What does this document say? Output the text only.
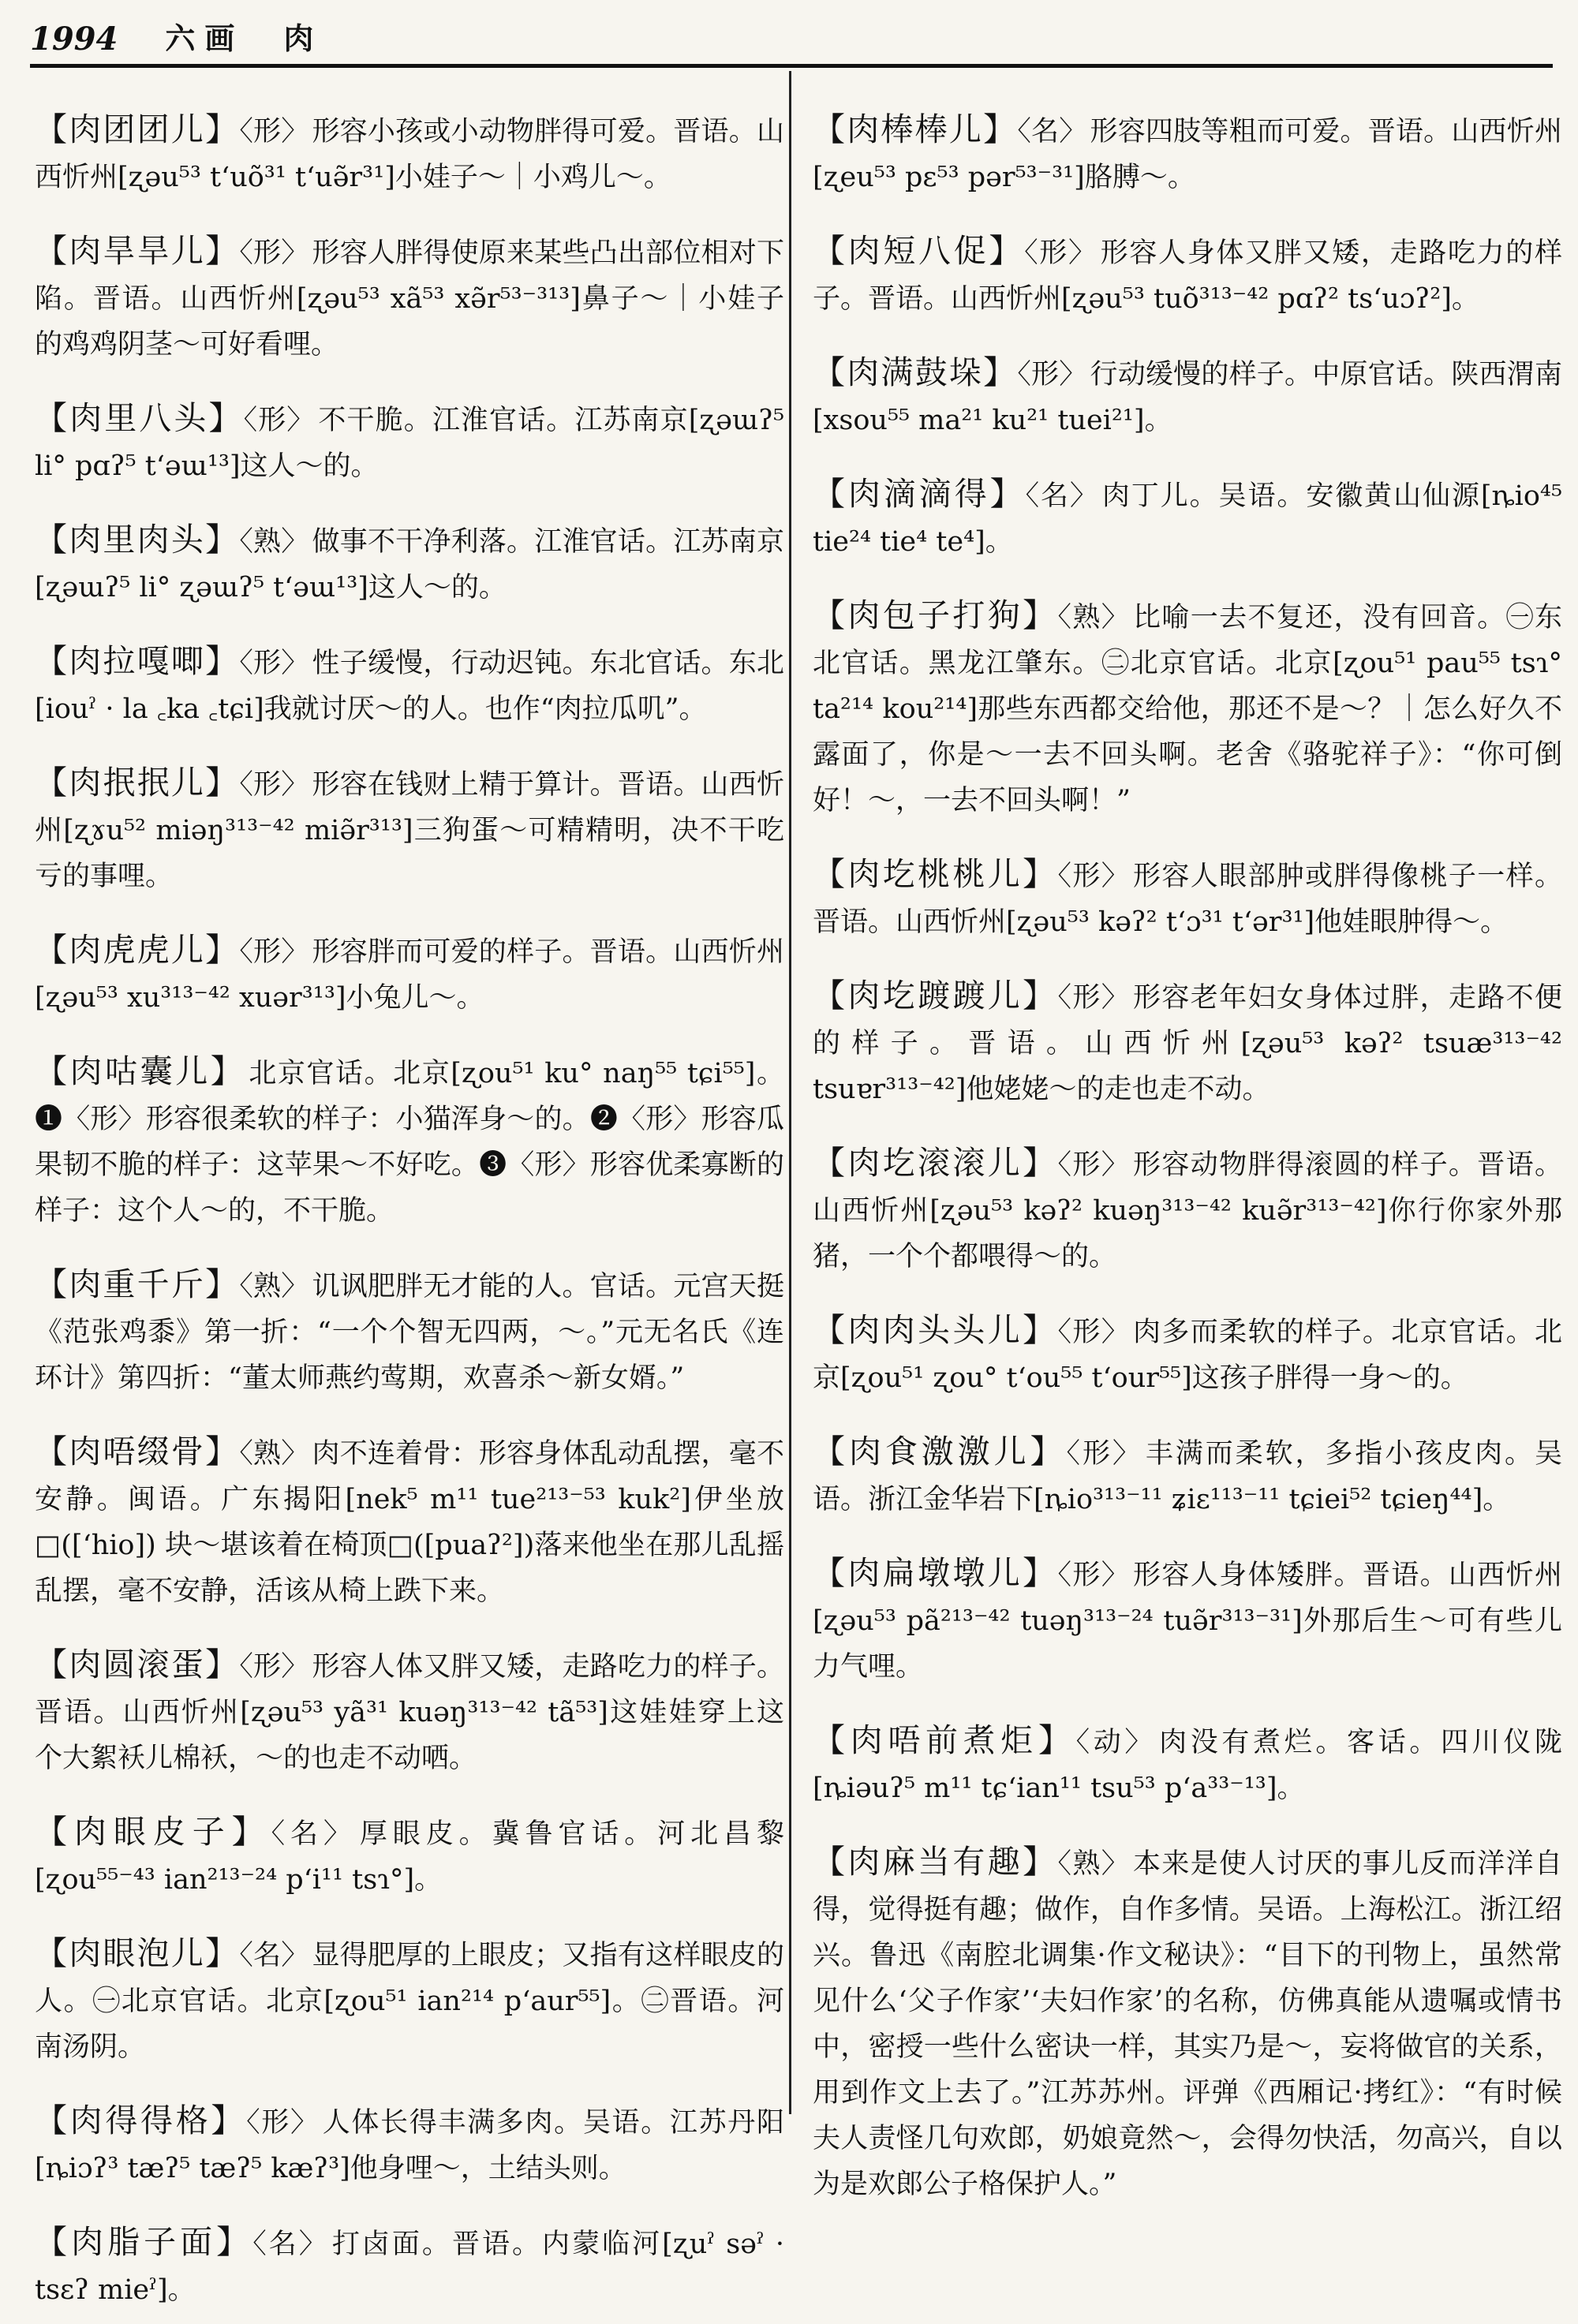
1994 六画　肉

【肉团团儿】〈形〉 形容小孩或小动物胖得可爱。晋语。山西忻州[ʐəu⁵³ t‘uõ³¹ t‘uə̃r³¹]小娃子～｜小鸡儿～。

【肉旱旱儿】〈形〉 形容人胖得使原来某些凸出部位相对下陷。晋语。山西忻州[ʐəu⁵³ xã⁵³ xə̃r⁵³⁻³¹³]鼻子～｜小娃子的鸡鸡阴茎～可好看哩。

【肉里八头】〈形〉 不干脆。江淮官话。江苏南京[ʐəɯʔ⁵ li° pɑʔ⁵ t‘əɯ¹³]这人～的。

【肉里肉头】〈熟〉 做事不干净利落。江淮官话。江苏南京[ʐəɯʔ⁵ li° ʐəɯʔ⁵ t‘əɯ¹³]这人～的。

【肉拉嘎唧】〈形〉 性子缓慢，行动迟钝。东北官话。东北[iouˀ · la ꜀ka ꜀tɕi]我就讨厌～的人。也作“肉拉瓜叽”。

【肉抿抿儿】〈形〉 形容在钱财上精于算计。晋语。山西忻州[ʐɤu⁵² miəŋ³¹³⁻⁴² miə̃r³¹³]三狗蛋～可精精明，决不干吃亏的事哩。

【肉虎虎儿】〈形〉 形容胖而可爱的样子。晋语。山西忻州[ʐəu⁵³ xu³¹³⁻⁴² xuər³¹³]小兔儿～。

【肉咕囊儿】 北京官话。北京[ʐou⁵¹ ku° naŋ⁵⁵ tɕi⁵⁵]。❶〈形〉形容很柔软的样子：小猫浑身～的。❷〈形〉形容瓜果韧不脆的样子：这苹果～不好吃。❸〈形〉形容优柔寡断的样子：这个人～的，不干脆。

【肉重千斤】〈熟〉 讥讽肥胖无才能的人。官话。元宫天挺《范张鸡黍》第一折：“一个个智无四两，～。”元无名氏《连环计》第四折：“董太师燕约莺期，欢喜杀～新女婿。”

【肉唔缀骨】〈熟〉 肉不连着骨：形容身体乱动乱摆，毫不安静。闽语。广东揭阳[nek⁵ m¹¹ tue²¹³⁻⁵³ kuk²]伊坐放□([‘hio]) 块～堪该着在椅顶□([puaʔ²])落来他坐在那儿乱摇乱摆，毫不安静，活该从椅上跌下来。

【肉圆滚蛋】〈形〉 形容人体又胖又矮，走路吃力的样子。晋语。山西忻州[ʐəu⁵³ yã³¹ kuəŋ³¹³⁻⁴² tã⁵³]这娃娃穿上这个大絮袄儿棉袄，～的也走不动哂。

【肉眼皮子】〈名〉 厚眼皮。冀鲁官话。河北昌黎[ʐou⁵⁵⁻⁴³ ian²¹³⁻²⁴ p‘i¹¹ tsɿ°]。

【肉眼泡儿】〈名〉 显得肥厚的上眼皮；又指有这样眼皮的人。㊀北京官话。北京[ʐou⁵¹ ian²¹⁴ p‘aur⁵⁵]。㊁晋语。河南汤阴。

【肉得得格】〈形〉 人体长得丰满多肉。吴语。江苏丹阳[ȵiɔʔ³ tæʔ⁵ tæʔ⁵ kæʔ³]他身哩～，土结头则。

【肉脂子面】〈名〉 打卤面。晋语。内蒙临河[ʐuˀ səˀ · tsɛʔ mieˀ]。

【肉棒棒儿】〈名〉 形容四肢等粗而可爱。晋语。山西忻州[ʐeu⁵³ pɛ⁵³ pər⁵³⁻³¹]胳膊～。

【肉短八促】〈形〉 形容人身体又胖又矮，走路吃力的样子。晋语。山西忻州[ʐəu⁵³ tuõ³¹³⁻⁴² pɑʔ² ts‘uɔʔ²]。

【肉满鼓垛】〈形〉 行动缓慢的样子。中原官话。陕西渭南[xsou⁵⁵ ma²¹ ku²¹ tuei²¹]。

【肉滴滴得】〈名〉 肉丁儿。吴语。安徽黄山仙源[ȵio⁴⁵ tie²⁴ tie⁴ te⁴]。

【肉包子打狗】〈熟〉 比喻一去不复还，没有回音。㊀东北官话。黑龙江肇东。㊁北京官话。北京[ʐou⁵¹ pau⁵⁵ tsɿ° ta²¹⁴ kou²¹⁴]那些东西都交给他，那还不是～？｜怎么好久不露面了，你是～一去不回头啊。老舍《骆驼祥子》：“你可倒好！～，一去不回头啊！”

【肉圪桃桃儿】〈形〉 形容人眼部肿或胖得像桃子一样。晋语。山西忻州[ʐəu⁵³ kəʔ² t‘ɔ³¹ t‘ər³¹]他娃眼肿得～。

【肉圪踱踱儿】〈形〉 形容老年妇女身体过胖，走路不便的样子。晋语。山西忻州[ʐəu⁵³ kəʔ² tsuæ³¹³⁻⁴² tsuɐr³¹³⁻⁴²]他姥姥～的走也走不动。

【肉圪滚滚儿】〈形〉 形容动物胖得滚圆的样子。晋语。山西忻州[ʐəu⁵³ kəʔ² kuəŋ³¹³⁻⁴² kuə̃r³¹³⁻⁴²]你行你家外那猪，一个个都喂得～的。

【肉肉头头儿】〈形〉 肉多而柔软的样子。北京官话。北京[ʐou⁵¹ ʐou° t‘ou⁵⁵ t‘our⁵⁵]这孩子胖得一身～的。

【肉食激激儿】〈形〉 丰满而柔软，多指小孩皮肉。吴语。浙江金华岩下[ȵio³¹³⁻¹¹ ʑiɛ¹¹³⁻¹¹ tɕiei⁵² tɕieŋ⁴⁴]。

【肉扁墩墩儿】〈形〉 形容人身体矮胖。晋语。山西忻州[ʐəu⁵³ pã²¹³⁻⁴² tuəŋ³¹³⁻²⁴ tuə̃r³¹³⁻³¹]外那后生～可有些儿力气哩。

【肉唔前煮炬】〈动〉 肉没有煮烂。客话。四川仪陇[ȵiəuʔ⁵ m¹¹ tɕ‘ian¹¹ tsu⁵³ p‘a³³⁻¹³]。

【肉麻当有趣】〈熟〉 本来是使人讨厌的事儿反而洋洋自得，觉得挺有趣；做作，自作多情。吴语。上海松江。浙江绍兴。鲁迅《南腔北调集·作文秘诀》：“目下的刊物上，虽然常见什么‘父子作家’‘夫妇作家’的名称，仿佛真能从遗嘱或情书中，密授一些什么密诀一样，其实乃是～，妄将做官的关系，用到作文上去了。”江苏苏州。评弹《西厢记·拷红》：“有时候夫人责怪几句欢郎，奶娘竟然～，会得勿快活，勿高兴，自以为是欢郎公子格保护人。”
